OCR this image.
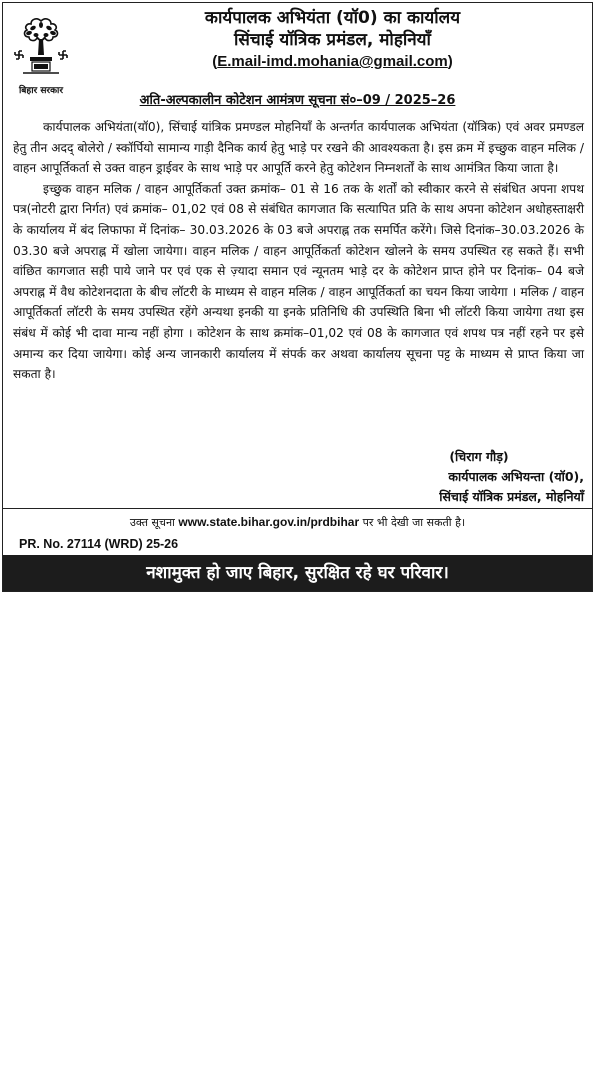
बिहार सरकार
कार्यपालक अभियंता (यॉ0) का कार्यालय
सिंचाई यॉत्रिक प्रमंडल, मोहनियॉं
(E.mail-imd.mohania@gmail.com)
अति-अल्पकालीन कोटेशन आमंत्रण सूचना सं०–09 / 2025–26

कार्यपालक अभियंता(यॉ0), सिंचाई यांत्रिक प्रमण्डल मोहनियाँ के अन्तर्गत कार्यपालक अभियंता (यॉत्रिक) एवं अवर प्रमण्डल हेतु तीन अदद् बोलेरो / स्कॉर्पियो सामान्य गाड़ी दैनिक कार्य हेतु भाड़े पर रखने की आवश्यकता है। इस क्रम में इच्छुक वाहन मलिक / वाहन आपूर्तिकर्ता से उक्त वाहन ड्राईवर के साथ भाड़े पर आपूर्ति करने हेतु कोटेशन निम्नशर्तों के साथ आमंत्रित किया जाता है।

इच्छुक वाहन मलिक / वाहन आपूर्तिकर्ता उक्त क्रमांक– 01 से 16 तक के शर्तों को स्वीकार करने से संबंधित अपना शपथ पत्र(नोटरी द्वारा निर्गत) एवं क्रमांक– 01,02 एवं 08 से संबंधित कागजात कि सत्यापित प्रति के साथ अपना कोटेशन अधोहस्ताक्षरी के कार्यालय में बंद लिफाफा में दिनांक– 30.03.2026 के 03 बजे अपराह्न तक समर्पित करेंगे। जिसे दिनांक–30.03.2026 के 03.30 बजे अपराह्न में खोला जायेगा। वाहन मलिक / वाहन आपूर्तिकर्ता कोटेशन खोलने के समय उपस्थित रह सकते हैं। सभी वांछित कागजात सही पाये जाने पर एवं एक से ज़्यादा समान एवं न्यूनतम भाड़े दर के कोटेशन प्राप्त होने पर दिनांक– 04 बजे अपराह्न में वैध कोटेशनदाता के बीच लॉटरी के माध्यम से वाहन मलिक / वाहन आपूर्तिकर्ता का चयन किया जायेगा । मलिक / वाहन आपूर्तिकर्ता लॉटरी के समय उपस्थित रहेंगे अन्यथा इनकी या इनके प्रतिनिधि की उपस्थिति बिना भी लॉटरी किया जायेगा तथा इस संबंध में कोई भी दावा मान्य नहीं होगा । कोटेशन के साथ क्रमांक–01,02 एवं 08 के कागजात एवं शपथ पत्र नहीं रहने पर इसे अमान्य कर दिया जायेगा। कोई अन्य जानकारी कार्यालय में संपर्क कर अथवा कार्यालय सूचना पट्ट के माध्यम से प्राप्त किया जा सकता है।

(चिराग गौड़)
कार्यपालक अभियन्ता (यॉ0),
सिंचाई यॉत्रिक प्रमंडल, मोहनियॉं
उक्त सूचना www.state.bihar.gov.in/prdbihar पर भी देखी जा सकती है।
PR. No. 27114 (WRD) 25-26
नशामुक्त हो जाए बिहार, सुरक्षित रहे घर परिवार।
